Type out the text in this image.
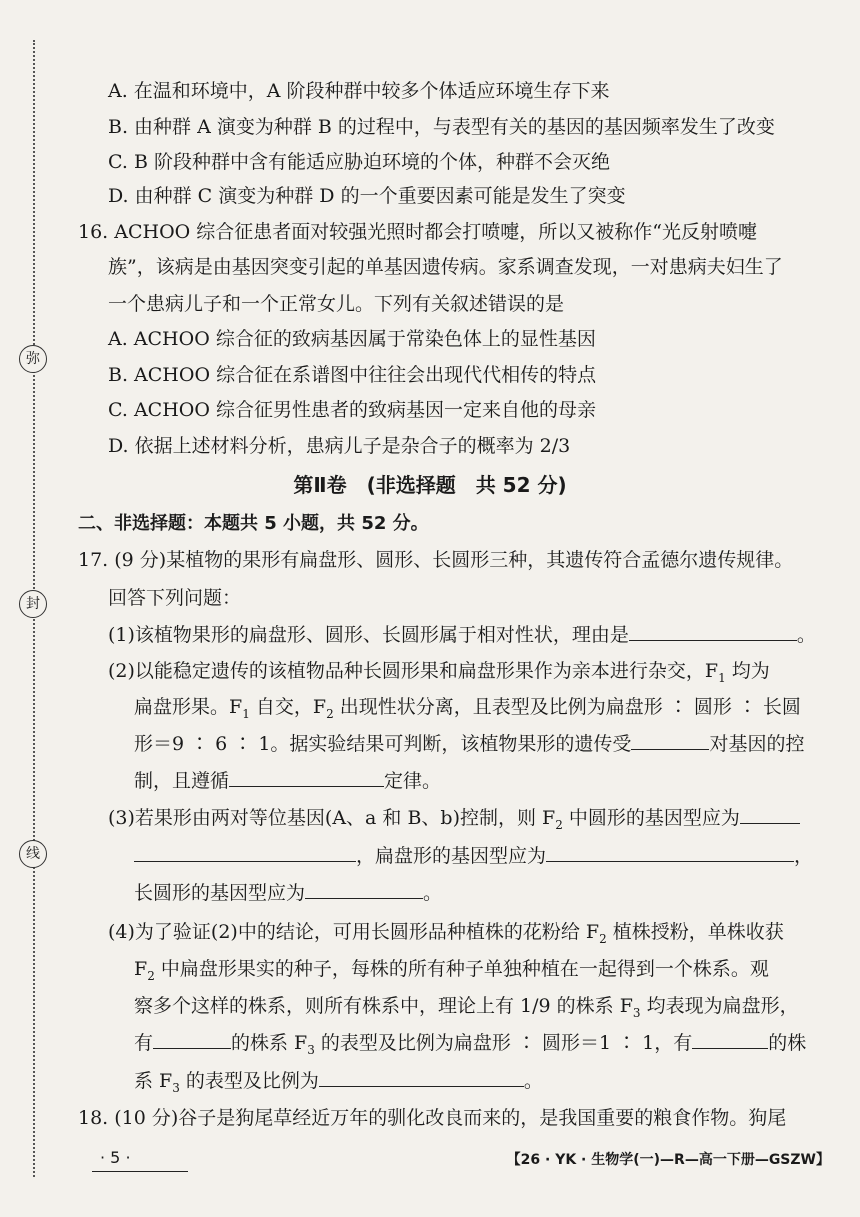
弥
封
线
A. 在温和环境中，A 阶段种群中较多个体适应环境生存下来
B. 由种群 A 演变为种群 B 的过程中，与表型有关的基因的基因频率发生了改变
C. B 阶段种群中含有能适应胁迫环境的个体，种群不会灭绝
D. 由种群 C 演变为种群 D 的一个重要因素可能是发生了突变
16. ACHOO 综合征患者面对较强光照时都会打喷嚏，所以又被称作“光反射喷嚏
族”，该病是由基因突变引起的单基因遗传病。家系调查发现，一对患病夫妇生了
一个患病儿子和一个正常女儿。下列有关叙述错误的是
A. ACHOO 综合征的致病基因属于常染色体上的显性基因
B. ACHOO 综合征在系谱图中往往会出现代代相传的特点
C. ACHOO 综合征男性患者的致病基因一定来自他的母亲
D. 依据上述材料分析，患病儿子是杂合子的概率为 2/3
第Ⅱ卷　(非选择题　共 52 分)
二、非选择题：本题共 5 小题，共 52 分。
17. (9 分)某植物的果形有扁盘形、圆形、长圆形三种，其遗传符合孟德尔遗传规律。
回答下列问题：
(1)该植物果形的扁盘形、圆形、长圆形属于相对性状，理由是	。
(2)以能稳定遗传的该植物品种长圆形果和扁盘形果作为亲本进行杂交，$F_1$ 均为
扁盘形果。$F_1$ 自交，$F_2$ 出现性状分离，且表型及比例为扁盘形 ∶ 圆形 ∶ 长圆
形＝9 ∶ 6 ∶ 1。据实验结果可判断，该植物果形的遗传受	对基因的控
制，且遵循	定律。
(3)若果形由两对等位基因(A、a 和 B、b)控制，则 $F_2$ 中圆形的基因型应为
，扁盘形的基因型应为	，
长圆形的基因型应为	。
(4)为了验证(2)中的结论，可用长圆形品种植株的花粉给 $F_2$ 植株授粉，单株收获
$F_2$ 中扁盘形果实的种子，每株的所有种子单独种植在一起得到一个株系。观
察多个这样的株系，则所有株系中，理论上有 1/9 的株系 $F_3$ 均表现为扁盘形，
有	的株系 $F_3$ 的表型及比例为扁盘形 ∶ 圆形＝1 ∶ 1，有	的株
系 $F_3$ 的表型及比例为	。
18. (10 分)谷子是狗尾草经近万年的驯化改良而来的，是我国重要的粮食作物。狗尾
· 5 ·	【26 · YK · 生物学(一)—R—高一下册—GSZW】
